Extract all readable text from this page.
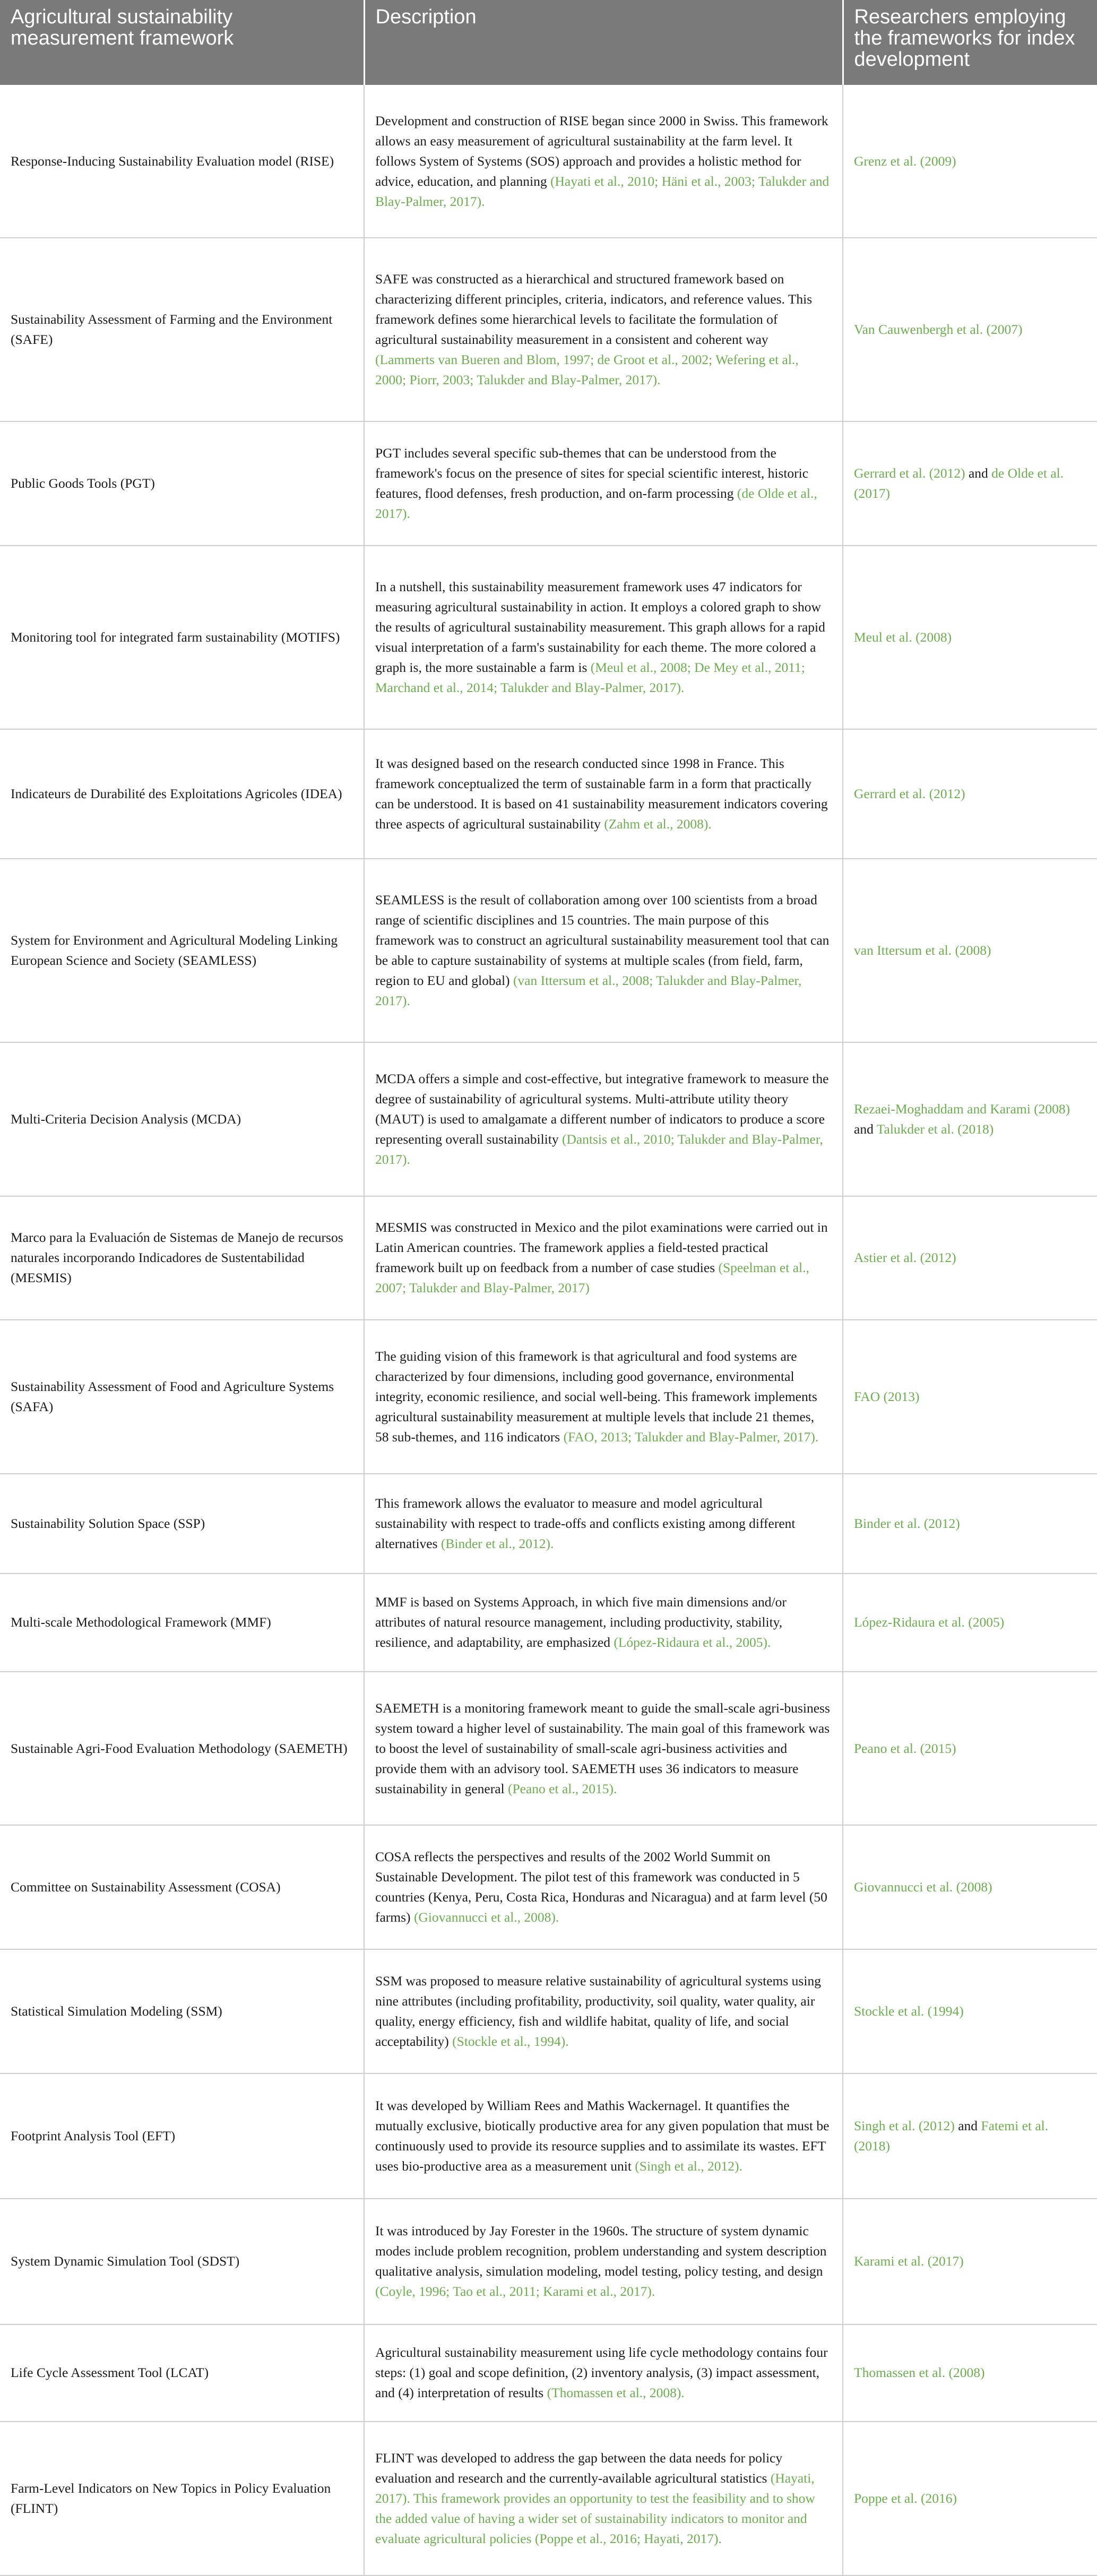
Agricultural sustainability measurement framework	Description	Researchers employing the frameworks for index development
Response-Inducing Sustainability Evaluation model (RISE)	Development and construction of RISE began since 2000 in Swiss. This framework allows an easy measurement of agricultural sustainability at the farm level. It follows System of Systems (SOS) approach and provides a holistic method for advice, education, and planning (Hayati et al., 2010; Häni et al., 2003; Talukder and Blay-Palmer, 2017).	Grenz et al. (2009)
Sustainability Assessment of Farming and the Environment (SAFE)	SAFE was constructed as a hierarchical and structured framework based on characterizing different principles, criteria, indicators, and reference values. This framework defines some hierarchical levels to facilitate the formulation of agricultural sustainability measurement in a consistent and coherent way (Lammerts van Bueren and Blom, 1997; de Groot et al., 2002; Wefering et al., 2000; Piorr, 2003; Talukder and Blay-Palmer, 2017).	Van Cauwenbergh et al. (2007)
Public Goods Tools (PGT)	PGT includes several specific sub-themes that can be understood from the framework's focus on the presence of sites for special scientific interest, historic features, flood defenses, fresh production, and on-farm processing (de Olde et al., 2017).	Gerrard et al. (2012) and de Olde et al. (2017)
Monitoring tool for integrated farm sustainability (MOTIFS)	In a nutshell, this sustainability measurement framework uses 47 indicators for measuring agricultural sustainability in action. It employs a colored graph to show the results of agricultural sustainability measurement. This graph allows for a rapid visual interpretation of a farm's sustainability for each theme. The more colored a graph is, the more sustainable a farm is (Meul et al., 2008; De Mey et al., 2011; Marchand et al., 2014; Talukder and Blay-Palmer, 2017).	Meul et al. (2008)
Indicateurs de Durabilité des Exploitations Agricoles (IDEA)	It was designed based on the research conducted since 1998 in France. This framework conceptualized the term of sustainable farm in a form that practically can be understood. It is based on 41 sustainability measurement indicators covering three aspects of agricultural sustainability (Zahm et al., 2008).	Gerrard et al. (2012)
System for Environment and Agricultural Modeling Linking European Science and Society (SEAMLESS)	SEAMLESS is the result of collaboration among over 100 scientists from a broad range of scientific disciplines and 15 countries. The main purpose of this framework was to construct an agricultural sustainability measurement tool that can be able to capture sustainability of systems at multiple scales (from field, farm, region to EU and global) (van Ittersum et al., 2008; Talukder and Blay-Palmer, 2017).	van Ittersum et al. (2008)
Multi-Criteria Decision Analysis (MCDA)	MCDA offers a simple and cost-effective, but integrative framework to measure the degree of sustainability of agricultural systems. Multi-attribute utility theory (MAUT) is used to amalgamate a different number of indicators to produce a score representing overall sustainability (Dantsis et al., 2010; Talukder and Blay-Palmer, 2017).	Rezaei-Moghaddam and Karami (2008) and Talukder et al. (2018)
Marco para la Evaluación de Sistemas de Manejo de recursos naturales incorporando Indicadores de Sustentabilidad (MESMIS)	MESMIS was constructed in Mexico and the pilot examinations were carried out in Latin American countries. The framework applies a field-tested practical framework built up on feedback from a number of case studies (Speelman et al., 2007; Talukder and Blay-Palmer, 2017)	Astier et al. (2012)
Sustainability Assessment of Food and Agriculture Systems (SAFA)	The guiding vision of this framework is that agricultural and food systems are characterized by four dimensions, including good governance, environmental integrity, economic resilience, and social well-being. This framework implements agricultural sustainability measurement at multiple levels that include 21 themes, 58 sub-themes, and 116 indicators (FAO, 2013; Talukder and Blay-Palmer, 2017).	FAO (2013)
Sustainability Solution Space (SSP)	This framework allows the evaluator to measure and model agricultural sustainability with respect to trade-offs and conflicts existing among different alternatives (Binder et al., 2012).	Binder et al. (2012)
Multi-scale Methodological Framework (MMF)	MMF is based on Systems Approach, in which five main dimensions and/or attributes of natural resource management, including productivity, stability, resilience, and adaptability, are emphasized (López-Ridaura et al., 2005).	López-Ridaura et al. (2005)
Sustainable Agri-Food Evaluation Methodology (SAEMETH)	SAEMETH is a monitoring framework meant to guide the small-scale agri-business system toward a higher level of sustainability. The main goal of this framework was to boost the level of sustainability of small-scale agri-business activities and provide them with an advisory tool. SAEMETH uses 36 indicators to measure sustainability in general (Peano et al., 2015).	Peano et al. (2015)
Committee on Sustainability Assessment (COSA)	COSA reflects the perspectives and results of the 2002 World Summit on Sustainable Development. The pilot test of this framework was conducted in 5 countries (Kenya, Peru, Costa Rica, Honduras and Nicaragua) and at farm level (50 farms) (Giovannucci et al., 2008).	Giovannucci et al. (2008)
Statistical Simulation Modeling (SSM)	SSM was proposed to measure relative sustainability of agricultural systems using nine attributes (including profitability, productivity, soil quality, water quality, air quality, energy efficiency, fish and wildlife habitat, quality of life, and social acceptability) (Stockle et al., 1994).	Stockle et al. (1994)
Footprint Analysis Tool (EFT)	It was developed by William Rees and Mathis Wackernagel. It quantifies the mutually exclusive, biotically productive area for any given population that must be continuously used to provide its resource supplies and to assimilate its wastes. EFT uses bio-productive area as a measurement unit (Singh et al., 2012).	Singh et al. (2012) and Fatemi et al. (2018)
System Dynamic Simulation Tool (SDST)	It was introduced by Jay Forester in the 1960s. The structure of system dynamic modes include problem recognition, problem understanding and system description qualitative analysis, simulation modeling, model testing, policy testing, and design (Coyle, 1996; Tao et al., 2011; Karami et al., 2017).	Karami et al. (2017)
Life Cycle Assessment Tool (LCAT)	Agricultural sustainability measurement using life cycle methodology contains four steps: (1) goal and scope definition, (2) inventory analysis, (3) impact assessment, and (4) interpretation of results (Thomassen et al., 2008).	Thomassen et al. (2008)
Farm-Level Indicators on New Topics in Policy Evaluation (FLINT)	FLINT was developed to address the gap between the data needs for policy evaluation and research and the currently-available agricultural statistics (Hayati, 2017). This framework provides an opportunity to test the feasibility and to show the added value of having a wider set of sustainability indicators to monitor and evaluate agricultural policies (Poppe et al., 2016; Hayati, 2017).	Poppe et al. (2016)
